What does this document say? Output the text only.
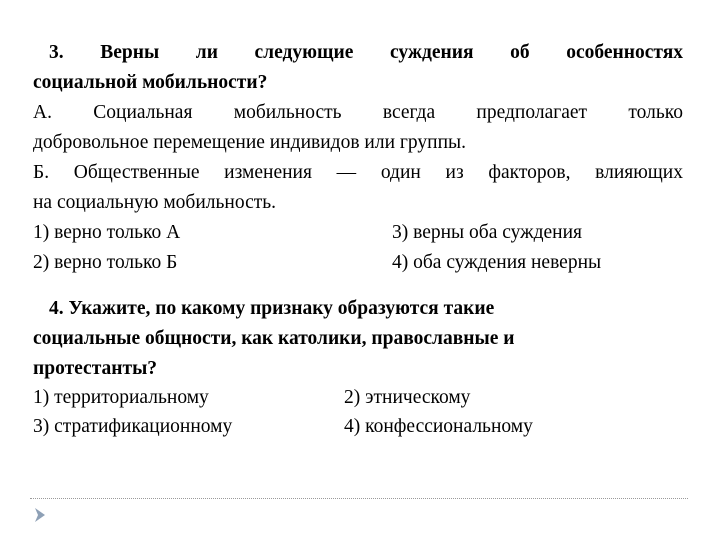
3. Верны ли следующие суждения об особенностях
социальной мобильности?
А. Социальная мобильность всегда предполагает только
добровольное перемещение индивидов или группы.
Б. Общественные изменения — один из факторов, влияющих
на социальную мобильность.
1) верно только А	3) верны оба суждения
2) верно только Б	4) оба суждения неверны
4. Укажите, по какому признаку образуются такие
социальные общности, как католики, православные и
протестанты?
1) территориальному	2) этническому
3) стратификационному	4) конфессиональному
